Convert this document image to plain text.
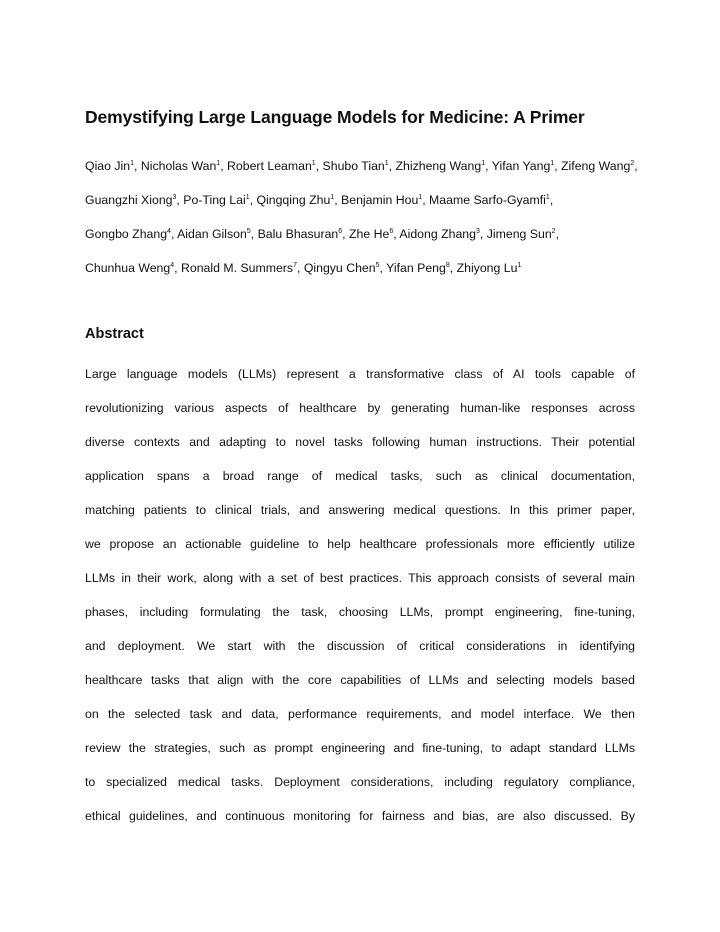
Demystifying Large Language Models for Medicine: A Primer

Qiao Jin$^1$, Nicholas Wan$^1$, Robert Leaman$^1$, Shubo Tian$^1$, Zhizheng Wang$^1$, Yifan Yang$^1$, Zifeng Wang$^2$, Guangzhi Xiong$^3$, Po-Ting Lai$^1$, Qingqing Zhu$^1$, Benjamin Hou$^1$, Maame Sarfo-Gyamfi$^1$, Gongbo Zhang$^4$, Aidan Gilson$^5$, Balu Bhasuran$^6$, Zhe He$^6$, Aidong Zhang$^3$, Jimeng Sun$^2$, Chunhua Weng$^4$, Ronald M. Summers$^7$, Qingyu Chen$^5$, Yifan Peng$^8$, Zhiyong Lu$^1$

Abstract
Large language models (LLMs) represent a transformative class of AI tools capable of
revolutionizing various aspects of healthcare by generating human-like responses across
diverse contexts and adapting to novel tasks following human instructions. Their potential
application spans a broad range of medical tasks, such as clinical documentation,
matching patients to clinical trials, and answering medical questions. In this primer paper,
we propose an actionable guideline to help healthcare professionals more efficiently utilize
LLMs in their work, along with a set of best practices. This approach consists of several main
phases, including formulating the task, choosing LLMs, prompt engineering, fine-tuning,
and deployment. We start with the discussion of critical considerations in identifying
healthcare tasks that align with the core capabilities of LLMs and selecting models based
on the selected task and data, performance requirements, and model interface. We then
review the strategies, such as prompt engineering and fine-tuning, to adapt standard LLMs
to specialized medical tasks. Deployment considerations, including regulatory compliance,
ethical guidelines, and continuous monitoring for fairness and bias, are also discussed. By
